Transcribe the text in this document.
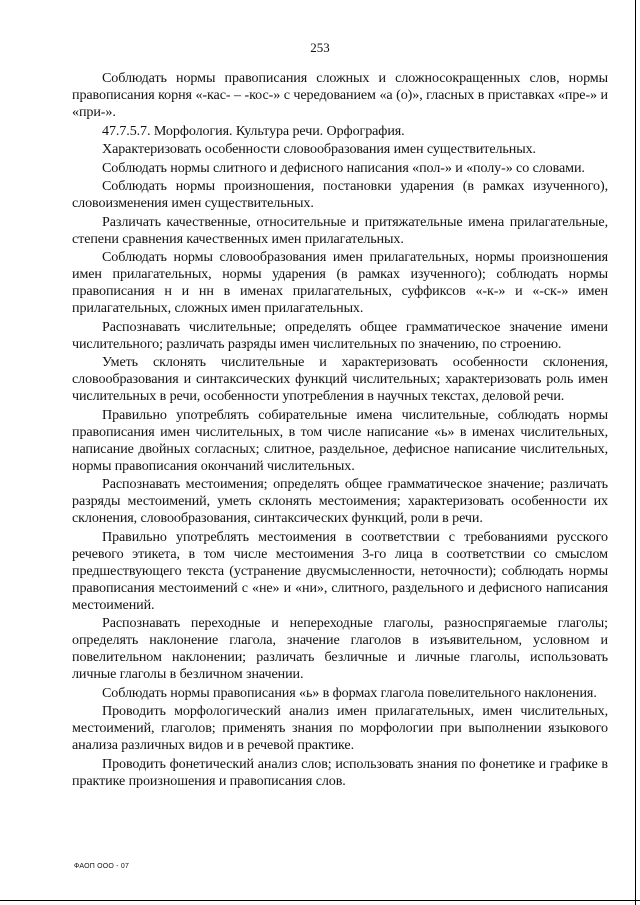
253

Соблюдать нормы правописания сложных и сложносокращенных слов, нормы правописания корня «-кас- – -кос-» с чередованием «а (о)», гласных в приставках «пре-» и «при-».

47.7.5.7. Морфология. Культура речи. Орфография.

Характеризовать особенности словообразования имен существительных.

Соблюдать нормы слитного и дефисного написания «пол-» и «полу-» со словами.

Соблюдать нормы произношения, постановки ударения (в рамках изученного), словоизменения имен существительных.

Различать качественные, относительные и притяжательные имена прилагательные, степени сравнения качественных имен прилагательных.

Соблюдать нормы словообразования имен прилагательных, нормы произношения имен прилагательных, нормы ударения (в рамках изученного); соблюдать нормы правописания н и нн в именах прилагательных, суффиксов «-к-» и «-ск-» имен прилагательных, сложных имен прилагательных.

Распознавать числительные; определять общее грамматическое значение имени числительного; различать разряды имен числительных по значению, по строению.

Уметь склонять числительные и характеризовать особенности склонения, словообразования и синтаксических функций числительных; характеризовать роль имен числительных в речи, особенности употребления в научных текстах, деловой речи.

Правильно употреблять собирательные имена числительные, соблюдать нормы правописания имен числительных, в том числе написание «ь» в именах числительных, написание двойных согласных; слитное, раздельное, дефисное написание числительных, нормы правописания окончаний числительных.

Распознавать местоимения; определять общее грамматическое значение; различать разряды местоимений, уметь склонять местоимения; характеризовать особенности их склонения, словообразования, синтаксических функций, роли в речи.

Правильно употреблять местоимения в соответствии с требованиями русского речевого этикета, в том числе местоимения 3-го лица в соответствии со смыслом предшествующего текста (устранение двусмысленности, неточности); соблюдать нормы правописания местоимений с «не» и «ни», слитного, раздельного и дефисного написания местоимений.

Распознавать переходные и непереходные глаголы, разноспрягаемые глаголы; определять наклонение глагола, значение глаголов в изъявительном, условном и повелительном наклонении; различать безличные и личные глаголы, использовать личные глаголы в безличном значении.

Соблюдать нормы правописания «ь» в формах глагола повелительного наклонения.

Проводить морфологический анализ имен прилагательных, имен числительных, местоимений, глаголов; применять знания по морфологии при выполнении языкового анализа различных видов и в речевой практике.

Проводить фонетический анализ слов; использовать знания по фонетике и графике в практике произношения и правописания слов.

ФАОП ООО - 07
